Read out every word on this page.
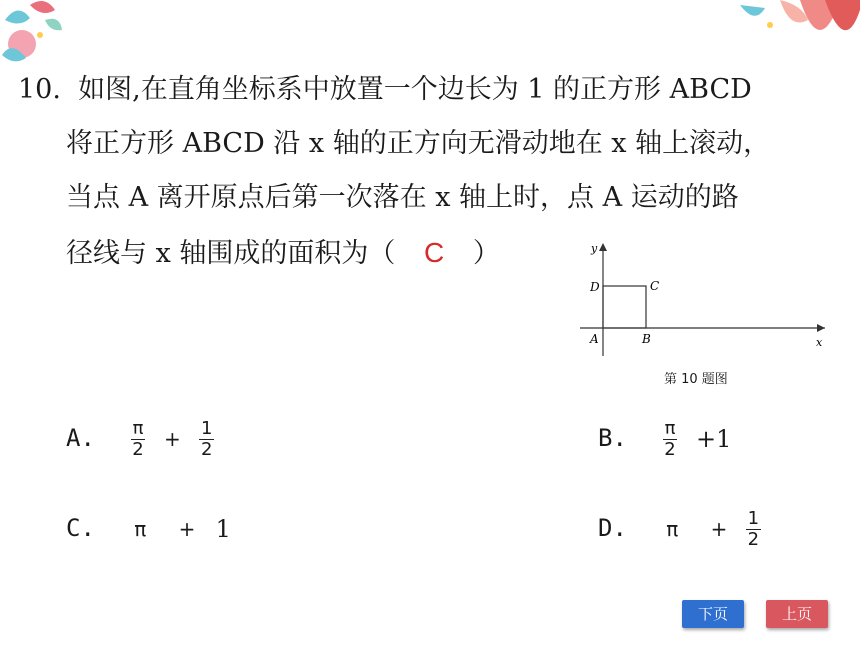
10. 如图,在直角坐标系中放置一个边长为 1 的正方形 ABCD
将正方形 ABCD 沿 x 轴的正方向无滑动地在 x 轴上滚动，
当点 A 离开原点后第一次落在 x 轴上时，点 A 运动的路
径线与 x 轴围成的面积为（ C ）	y
x
D	C
A	B
第 10 题图
A. $\frac{\pi}{2} + \frac{1}{2}$	B. $\frac{\pi}{2} +1$
C. π + 1	D. $\pi + \frac{1}{2}$
下页	上页
